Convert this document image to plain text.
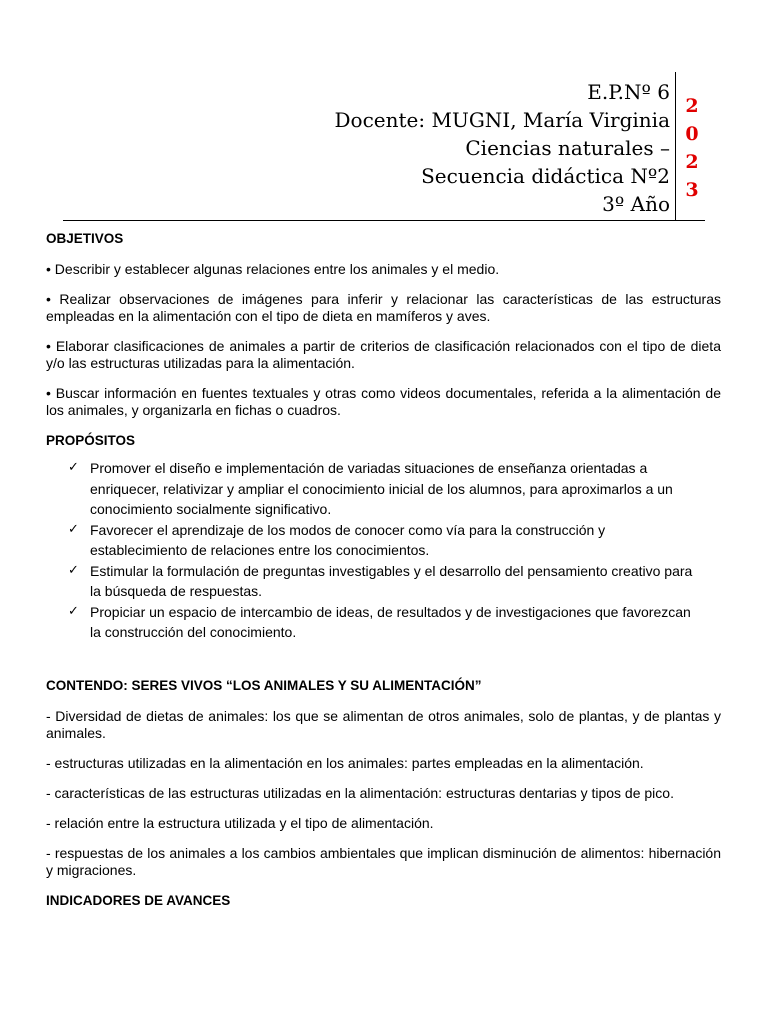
E.P.Nº 6
Docente: MUGNI, María Virginia
Ciencias naturales –
Secuencia didáctica Nº2
3º Año
2
0
2
3

OBJETIVOS

• Describir y establecer algunas relaciones entre los animales y el medio.

• Realizar observaciones de imágenes para inferir y relacionar las características de las estructuras empleadas en la alimentación con el tipo de dieta en mamíferos y aves.

• Elaborar clasificaciones de animales a partir de criterios de clasificación relacionados con el tipo de dieta y/o las estructuras utilizadas para la alimentación.

• Buscar información en fuentes textuales y otras como videos documentales, referida a la alimentación de los animales, y organizarla en fichas o cuadros.

PROPÓSITOS

✓ Promover el diseño e implementación de variadas situaciones de enseñanza orientadas a enriquecer, relativizar y ampliar el conocimiento inicial de los alumnos, para aproximarlos a un conocimiento socialmente significativo.
✓ Favorecer el aprendizaje de los modos de conocer como vía para la construcción y establecimiento de relaciones entre los conocimientos.
✓ Estimular la formulación de preguntas investigables y el desarrollo del pensamiento creativo para la búsqueda de respuestas.
✓ Propiciar un espacio de intercambio de ideas, de resultados y de investigaciones que favorezcan la construcción del conocimiento.

CONTENDO: SERES VIVOS “LOS ANIMALES Y SU ALIMENTACIÓN”

- Diversidad de dietas de animales: los que se alimentan de otros animales, solo de plantas, y de plantas y animales.

- estructuras utilizadas en la alimentación en los animales: partes empleadas en la alimentación.

- características de las estructuras utilizadas en la alimentación: estructuras dentarias y tipos de pico.

- relación entre la estructura utilizada y el tipo de alimentación.

- respuestas de los animales a los cambios ambientales que implican disminución de alimentos: hibernación y migraciones.

INDICADORES DE AVANCES
